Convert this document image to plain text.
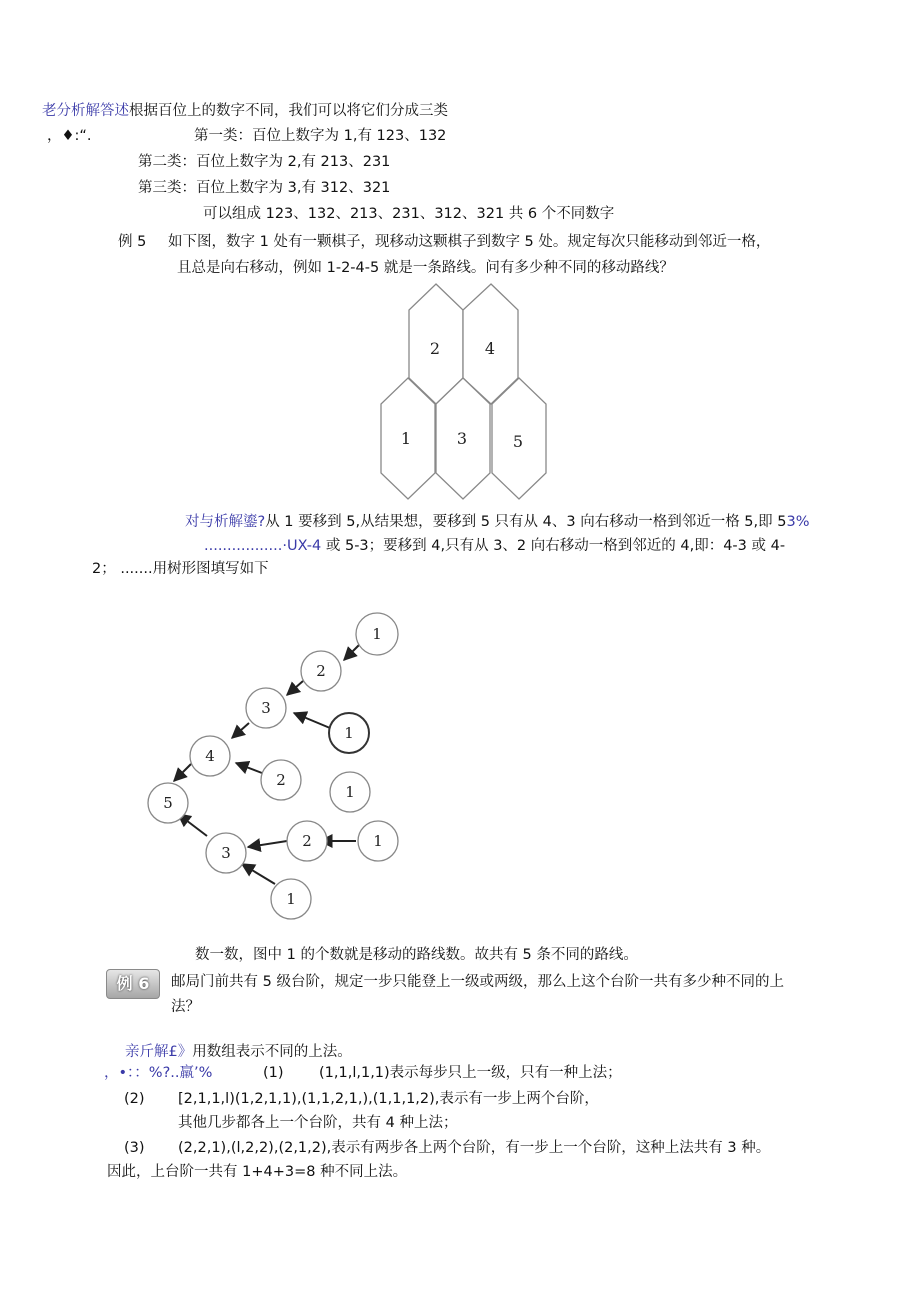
老分析解答述根据百位上的数字不同，我们可以将它们分成三类
，♦:“.	第一类：百位上数字为 1,有 123、132
第二类：百位上数字为 2,有 213、231
第三类：百位上数字为 3,有 312、321
可以组成 123、132、213、231、312、321 共 6 个不同数字
例 5 如下图，数字 1 处有一颗棋子，现移动这颗棋子到数字 5 处。规定每次只能移动到邻近一格，
且总是向右移动，例如 1-2-4-5 就是一条路线。问有多少种不同的移动路线？
2	4
1	3	5
对与析解鎏?从 1 要移到 5,从结果想，要移到 5 只有从 4、3 向右移动一格到邻近一格 5,即 53%
.................·UX-4 或 5-3；要移到 4,只有从 3、2 向右移动一格到邻近的 4,即：4-3 或 4-
2； .......用树形图填写如下
1
2
3
1
4
2
1
5
2	1
3
1
数一数，图中 1 的个数就是移动的路线数。故共有 5 条不同的路线。
例 6	邮局门前共有 5 级台阶，规定一步只能登上一级或两级，那么上这个台阶一共有多少种不同的上
法？
亲斤解£》用数组表示不同的上法。
，•：：%?..羸’%	(1) (1,1,l,1,1)表示每步只上一级，只有一种上法；
(2) [2,1,1,l)(1,2,1,1),(1,1,2,1,),(1,1,1,2),表示有一步上两个台阶，
其他几步都各上一个台阶，共有 4 种上法；
(3) (2,2,1),(l,2,2),(2,1,2),表示有两步各上两个台阶，有一步上一个台阶，这种上法共有 3 种。
因此，上台阶一共有 1+4+3=8 种不同上法。
